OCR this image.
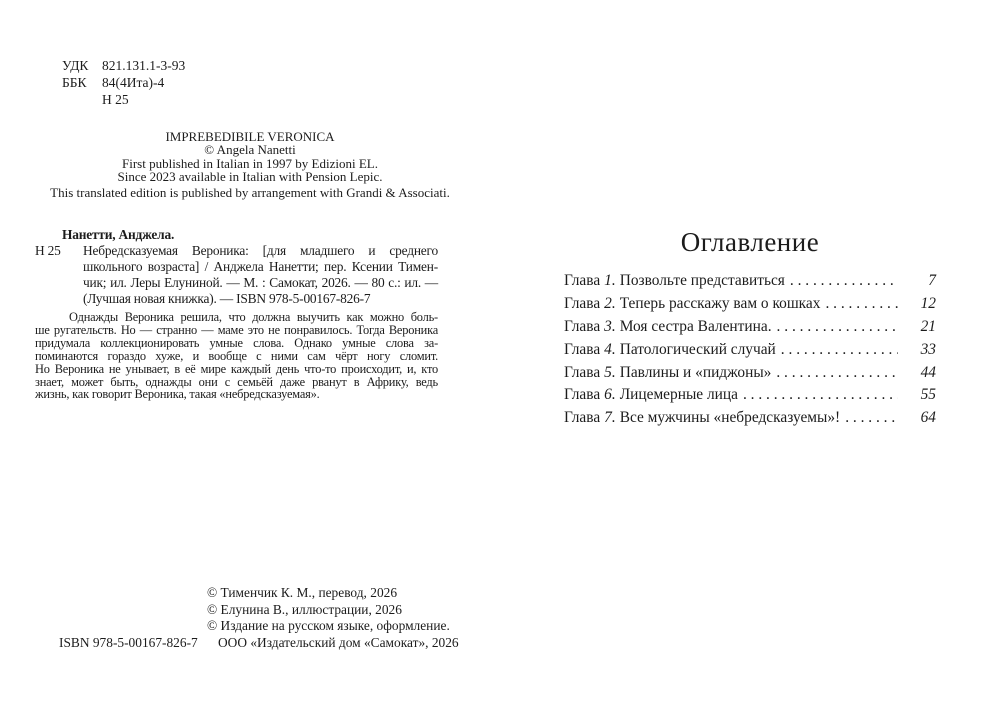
УДК	821.131.1-3-93
ББК	84(4Ита)-4
Н 25
IMPREBEDIBILE VERONICA
© Angela Nanetti
First published in Italian in 1997 by Edizioni EL.
Since 2023 available in Italian with Pension Lepic.
This translated edition is published by arrangement with Grandi & Associati.
Нанетти, Анджела.
Н 25 Небредсказуемая Вероника: [для младшего и среднего
школьного возраста] / Анджела Нанетти; пер. Ксении Тимен-
чик; ил. Леры Елуниной. — М. : Самокат, 2026. — 80 с.: ил. —
(Лучшая новая книжка). — ISBN 978-5-00167-826-7
Однажды Вероника решила, что должна выучить как можно боль-
ше ругательств. Но — странно — маме это не понравилось. Тогда Вероника
придумала коллекционировать умные слова. Однако умные слова за-
поминаются гораздо хуже, и вообще с ними сам чёрт ногу сломит.
Но Вероника не унывает, в её мире каждый день что-то происходит, и, кто
знает, может быть, однажды они с семьёй даже рванут в Африку, ведь
жизнь, как говорит Вероника, такая «небредсказуемая».
© Тименчик К. М., перевод, 2026
© Елунина В., иллюстрации, 2026
© Издание на русском языке, оформление.
ISBN 978-5-00167-826-7 ООО «Издательский дом «Самокат», 2026
Оглавление
Глава 1. Позвольте представиться . . .	7
Глава 2. Теперь расскажу вам о кошках . . .	12
Глава 3. Моя сестра Валентина. . . .	21
Глава 4. Патологический случай . . .	33
Глава 5. Павлины и «пиджоны» . . .	44
Глава 6. Лицемерные лица . . .	55
Глава 7. Все мужчины «небредсказуемы»! . . .	64
